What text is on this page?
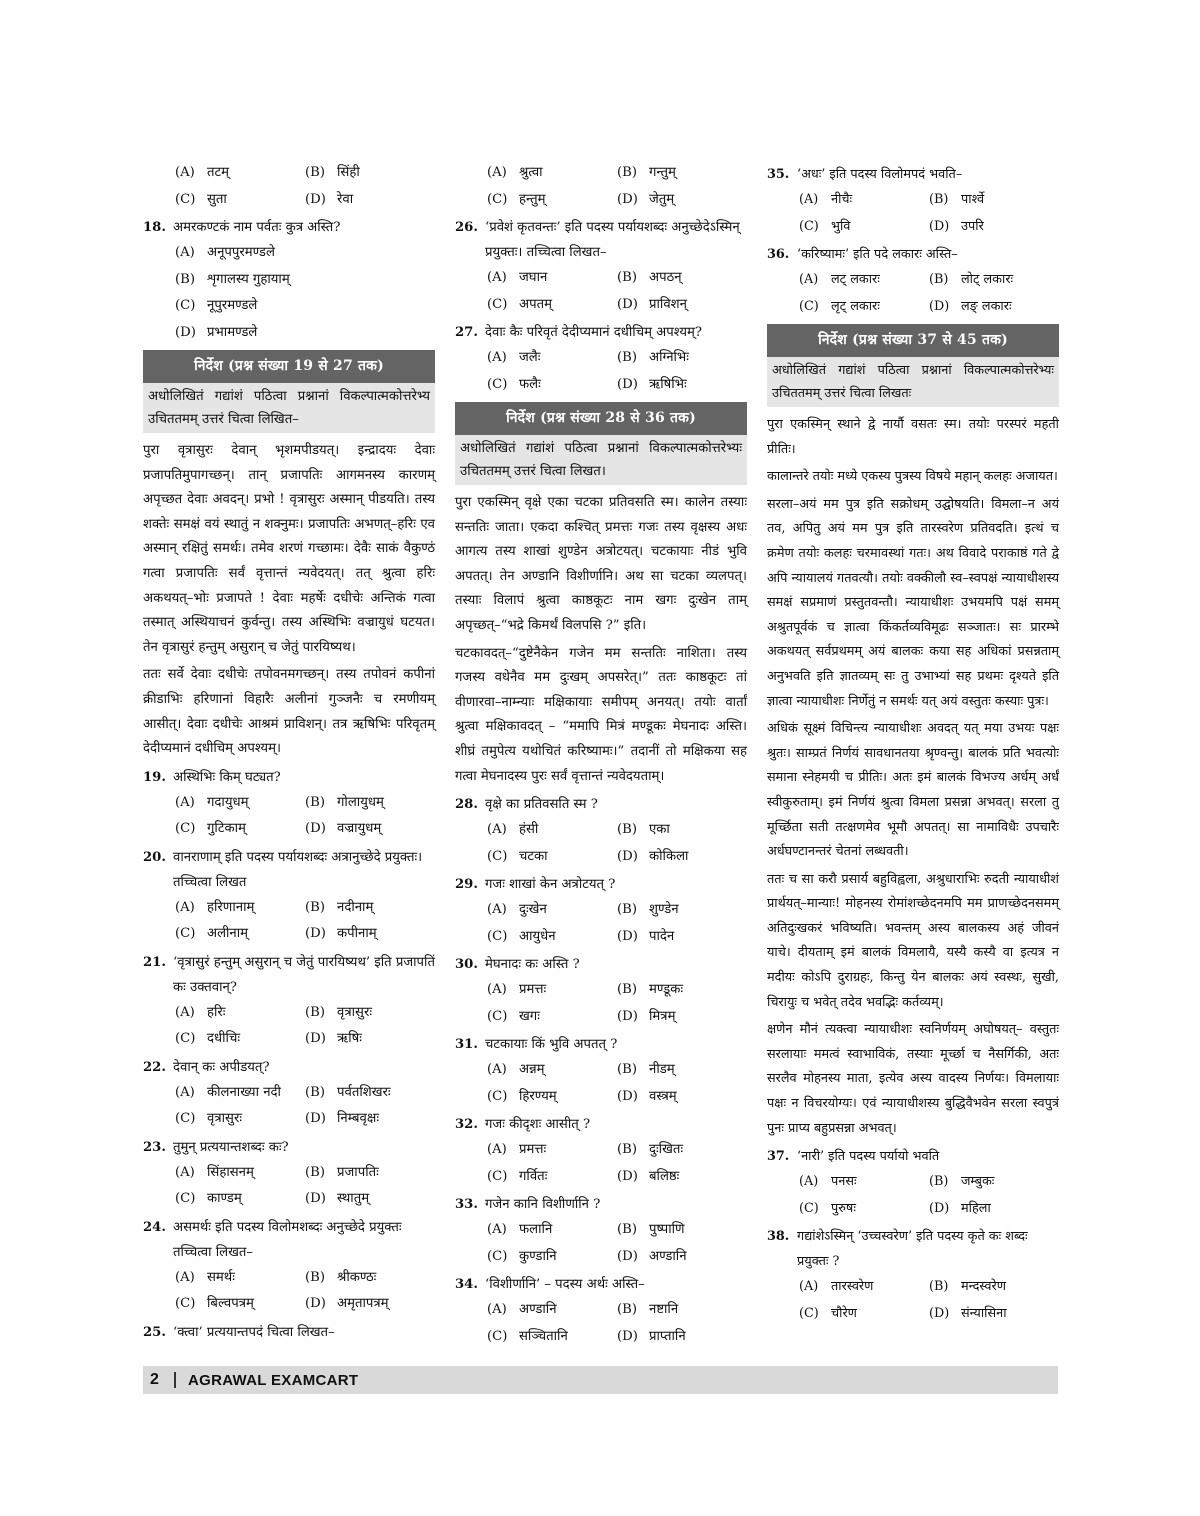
(A) तटम्	(B) सिंही
(C) सुता	(D) रेवा
18. अमरकण्टकं नाम पर्वतः कुत्र अस्ति?
(A) अनूपपुरमण्डले
(B) शृगालस्य गुहायाम्
(C) नूपुरमण्डले
(D) प्रभामण्डले
निर्देश (प्रश्न संख्या 19 से 27 तक)
अधोलिखितं गद्यांशं पठित्वा प्रश्नानां विकल्पात्मकोत्तरेभ्य उचिततमम् उत्तरं चित्वा लिखित–

पुरा वृत्रासुरः देवान् भृशमपीडयत्। इन्द्रादयः देवाः प्रजापतिमुपागच्छन्। तान् प्रजापतिः आगमनस्य कारणम् अपृच्छत देवाः अवदन्। प्रभो ! वृत्रासुरः अस्मान् पीडयति। तस्य शक्तेः समक्षं वयं स्थातुं न शक्नुमः। प्रजापतिः अभणत्–हरिः एव अस्मान् रक्षितुं समर्थः। तमेव शरणं गच्छामः। देवैः साकं वैकुण्ठं गत्वा प्रजापतिः सर्वं वृत्तान्तं न्यवेदयत्। तत् श्रुत्वा हरिः अकथयत्–भोः प्रजापते ! देवाः महर्षेः दधीचेः अन्तिकं गत्वा तस्मात् अस्थियाचनं कुर्वन्तु। तस्य अस्थिभिः वज्रायुधं घटयत। तेन वृत्रासुरं हन्तुम् असुरान् च जेतुं पारयिष्यथ।

ततः सर्वे देवाः दधीचेः तपोवनमगच्छन्। तस्य तपोवनं कपीनां क्रीडाभिः हरिणानां विहारैः अलीनां गुञ्जनैः च रमणीयम् आसीत्। देवाः दधीचेः आश्रमं प्राविशन्। तत्र ऋषिभिः परिवृतम् देदीप्यमानं दधीचिम् अपश्यम्।

19. अस्थिभिः किम् घट्यत?
(A) गदायुधम्	(B) गोलायुधम्
(C) गुटिकाम्	(D) वज्रायुधम्
20. वानराणाम् इति पदस्य पर्यायशब्दः अत्रानुच्छेदे प्रयुक्तः। तच्चित्वा लिखत
(A) हरिणानाम्	(B) नदीनाम्
(C) अलीनाम्	(D) कपीनाम्
21. ‘वृत्रासुरं हन्तुम् असुरान् च जेतुं पारयिष्यथ’ इति प्रजापतिं कः उक्तवान्?
(A) हरिः	(B) वृत्रासुरः
(C) दधीचिः	(D) ऋषिः
22. देवान् कः अपीडयत्?
(A) कीलनाख्या नदी	(B) पर्वतशिखरः
(C) वृत्रासुरः	(D) निम्बवृक्षः
23. तुमुन् प्रत्ययान्तशब्दः कः?
(A) सिंहासनम्	(B) प्रजापतिः
(C) काण्डम्	(D) स्थातुम्
24. असमर्थः इति पदस्य विलोमशब्दः अनुच्छेदे प्रयुक्तः तच्चित्वा लिखत–
(A) समर्थः	(B) श्रीकण्ठः
(C) बिल्वपत्रम्	(D) अमृतापत्रम्
25. ‘क्त्वा’ प्रत्ययान्तपदं चित्वा लिखत–
(A) श्रुत्वा	(B) गन्तुम्
(C) हन्तुम्	(D) जेतुम्
26. ‘प्रवेशं कृतवन्तः’ इति पदस्य पर्यायशब्दः अनुच्छेदेऽस्मिन् प्रयुक्तः। तच्चित्वा लिखत–
(A) जघान	(B) अपठन्
(C) अपतम्	(D) प्राविशन्
27. देवाः कैः परिवृतं देदीप्यमानं दधीचिम् अपश्यम्?
(A) जलैः	(B) अग्निभिः
(C) फलैः	(D) ऋषिभिः
निर्देश (प्रश्न संख्या 28 से 36 तक)
अधोलिखितं गद्यांशं पठित्वा प्रश्नानां विकल्पात्मकोत्तरेभ्यः उचिततमम् उत्तरं चित्वा लिखत।

पुरा एकस्मिन् वृक्षे एका चटका प्रतिवसति स्म। कालेन तस्याः सन्ततिः जाता। एकदा कश्चित् प्रमत्तः गजः तस्य वृक्षस्य अधः आगत्य तस्य शाखां शुण्डेन अत्रोटयत्। चटकायाः नीडं भुवि अपतत्। तेन अण्डानि विशीर्णानि। अथ सा चटका व्यलपत्। तस्याः विलापं श्रुत्वा काष्ठकूटः नाम खगः दुःखेन ताम् अपृच्छत्–“भद्रे किमर्थं विलपसि ?” इति।

चटकावदत्–“दुष्टेनैकेन गजेन मम सन्ततिः नाशिता। तस्य गजस्य वधेनैव मम दुःखम् अपसरेत्।” ततः काष्ठकूटः तां वीणारवा–नाम्न्याः मक्षिकायाः समीपम् अनयत्। तयोः वार्तां श्रुत्वा मक्षिकावदत् – “ममापि मित्रं मण्डूकः मेघनादः अस्ति। शीघ्रं तमुपेत्य यथोचितं करिष्यामः।” तदानीं तो मक्षिकया सह गत्वा मेघनादस्य पुरः सर्वं वृत्तान्तं न्यवेदयताम्।

28. वृक्षे का प्रतिवसति स्म ?
(A) हंसी	(B) एका
(C) चटका	(D) कोकिला
29. गजः शाखां केन अत्रोटयत् ?
(A) दुःखेन	(B) शुण्डेन
(C) आयुधेन	(D) पादेन
30. मेघनादः कः अस्ति ?
(A) प्रमत्तः	(B) मण्डूकः
(C) खगः	(D) मित्रम्
31. चटकायाः किं भुवि अपतत् ?
(A) अन्नम्	(B) नीडम्
(C) हिरण्यम्	(D) वस्त्रम्
32. गजः कीदृशः आसीत् ?
(A) प्रमत्तः	(B) दुःखितः
(C) गर्वितः	(D) बलिष्ठः
33. गजेन कानि विशीर्णानि ?
(A) फलानि	(B) पुष्पाणि
(C) कुण्डानि	(D) अण्डानि
34. ‘विशीर्णानि’ – पदस्य अर्थः अस्ति–
(A) अण्डानि	(B) नष्टानि
(C) सञ्चितानि	(D) प्राप्तानि
35. ‘अधः’ इति पदस्य विलोमपदं भवति–
(A) नीचैः	(B) पार्श्वे
(C) भुवि	(D) उपरि
36. ‘करिष्यामः’ इति पदे लकारः अस्ति–
(A) लट् लकारः	(B) लोट् लकारः
(C) लृट् लकारः	(D) लङ् लकारः
निर्देश (प्रश्न संख्या 37 से 45 तक)
अधोलिखितं गद्यांशं पठित्वा प्रश्नानां विकल्पात्मकोत्तरेभ्यः उचिततमम् उत्तरं चित्वा लिखतः

पुरा एकस्मिन् स्थाने द्वे नार्यौ वसतः स्म। तयोः परस्परं महती प्रीतिः।

कालान्तरे तयोः मध्ये एकस्य पुत्रस्य विषये महान् कलहः अजायत।

सरला–अयं मम पुत्र इति सक्रोधम् उद्घोषयति। विमला–न अयं तव, अपितु अयं मम पुत्र इति तारस्वरेण प्रतिवदति। इत्थं च क्रमेण तयोः कलहः चरमावस्थां गतः। अथ विवादे पराकाष्ठं गते द्वे अपि न्यायालयं गतवत्यौ। तयोः वक्कीलौ स्व–स्वपक्षं न्यायाधीशस्य समक्षं सप्रमाणं प्रस्तुतवन्तौ। न्यायाधीशः उभयमपि पक्षं समम् अश्रुतपूर्वकं च ज्ञात्वा किंकर्तव्यविमूढः सञ्जातः। सः प्रारम्भे अकथयत् सर्वप्रथमम् अयं बालकः कया सह अधिकां प्रसन्नताम् अनुभवति इति ज्ञातव्यम् सः तु उभाभ्यां सह प्रथमः दृश्यते इति ज्ञात्वा न्यायाधीशः निर्णेतुं न समर्थः यत् अयं वस्तुतः कस्याः पुत्रः।

अधिकं सूक्ष्मं विचिन्त्य न्यायाधीशः अवदत् यत् मया उभयः पक्षः श्रुतः। साम्प्रतं निर्णयं सावधानतया श्रृण्वन्तु। बालकं प्रति भवत्योः समाना स्नेहमयी च प्रीतिः। अतः इमं बालकं विभज्य अर्धम् अर्धं स्वीकुरुताम्। इमं निर्णयं श्रुत्वा विमला प्रसन्ना अभवत्। सरला तु मूर्च्छिता सती तत्क्षणमेव भूमौ अपतत्। सा नामाविधैः उपचारैः अर्धघण्टानन्तरं चेतनां लब्धवती।

ततः च सा करौ प्रसार्य बहुविह्वला, अश्रुधाराभिः रुदती न्यायाधीशं प्रार्थयत्–मान्याः! मोहनस्य रोमांशच्छेदनमपि मम प्राणच्छेदनसमम् अतिदुःखकरं भविष्यति। भवन्तम् अस्य बालकस्य अहं जीवनं याचे। दीयताम् इमं बालकं विमलायै, यस्यै कस्यै वा इत्यत्र न मदीयः कोऽपि दुराग्रहः, किन्तु येन बालकः अयं स्वस्थः, सुखी, चिरायुः च भवेत् तदेव भवद्भिः कर्तव्यम्।

क्षणेन मौनं त्यक्त्वा न्यायाधीशः स्वनिर्णयम् अघोषयत्– वस्तुतः सरलायाः ममत्वं स्वाभाविकं, तस्याः मूर्च्छा च नैसर्गिकी, अतः सरलैव मोहनस्य माता, इत्येव अस्य वादस्य निर्णयः। विमलायाः पक्षः न विचरयोग्यः। एवं न्यायाधीशस्य बुद्धिवैभवेन सरला स्वपुत्रं पुनः प्राप्य बहुप्रसन्ना अभवत्।

37. ‘नारी’ इति पदस्य पर्यायो भवति
(A) पनसः	(B) जम्बुकः
(C) पुरुषः	(D) महिला
38. गद्यांशेऽस्मिन् ‘उच्चस्वरेण’ इति पदस्य कृते कः शब्दः प्रयुक्तः ?
(A) तारस्वरेण	(B) मन्दस्वरेण
(C) चौरेण	(D) संन्यासिना
2	AGRAWAL EXAMCART
